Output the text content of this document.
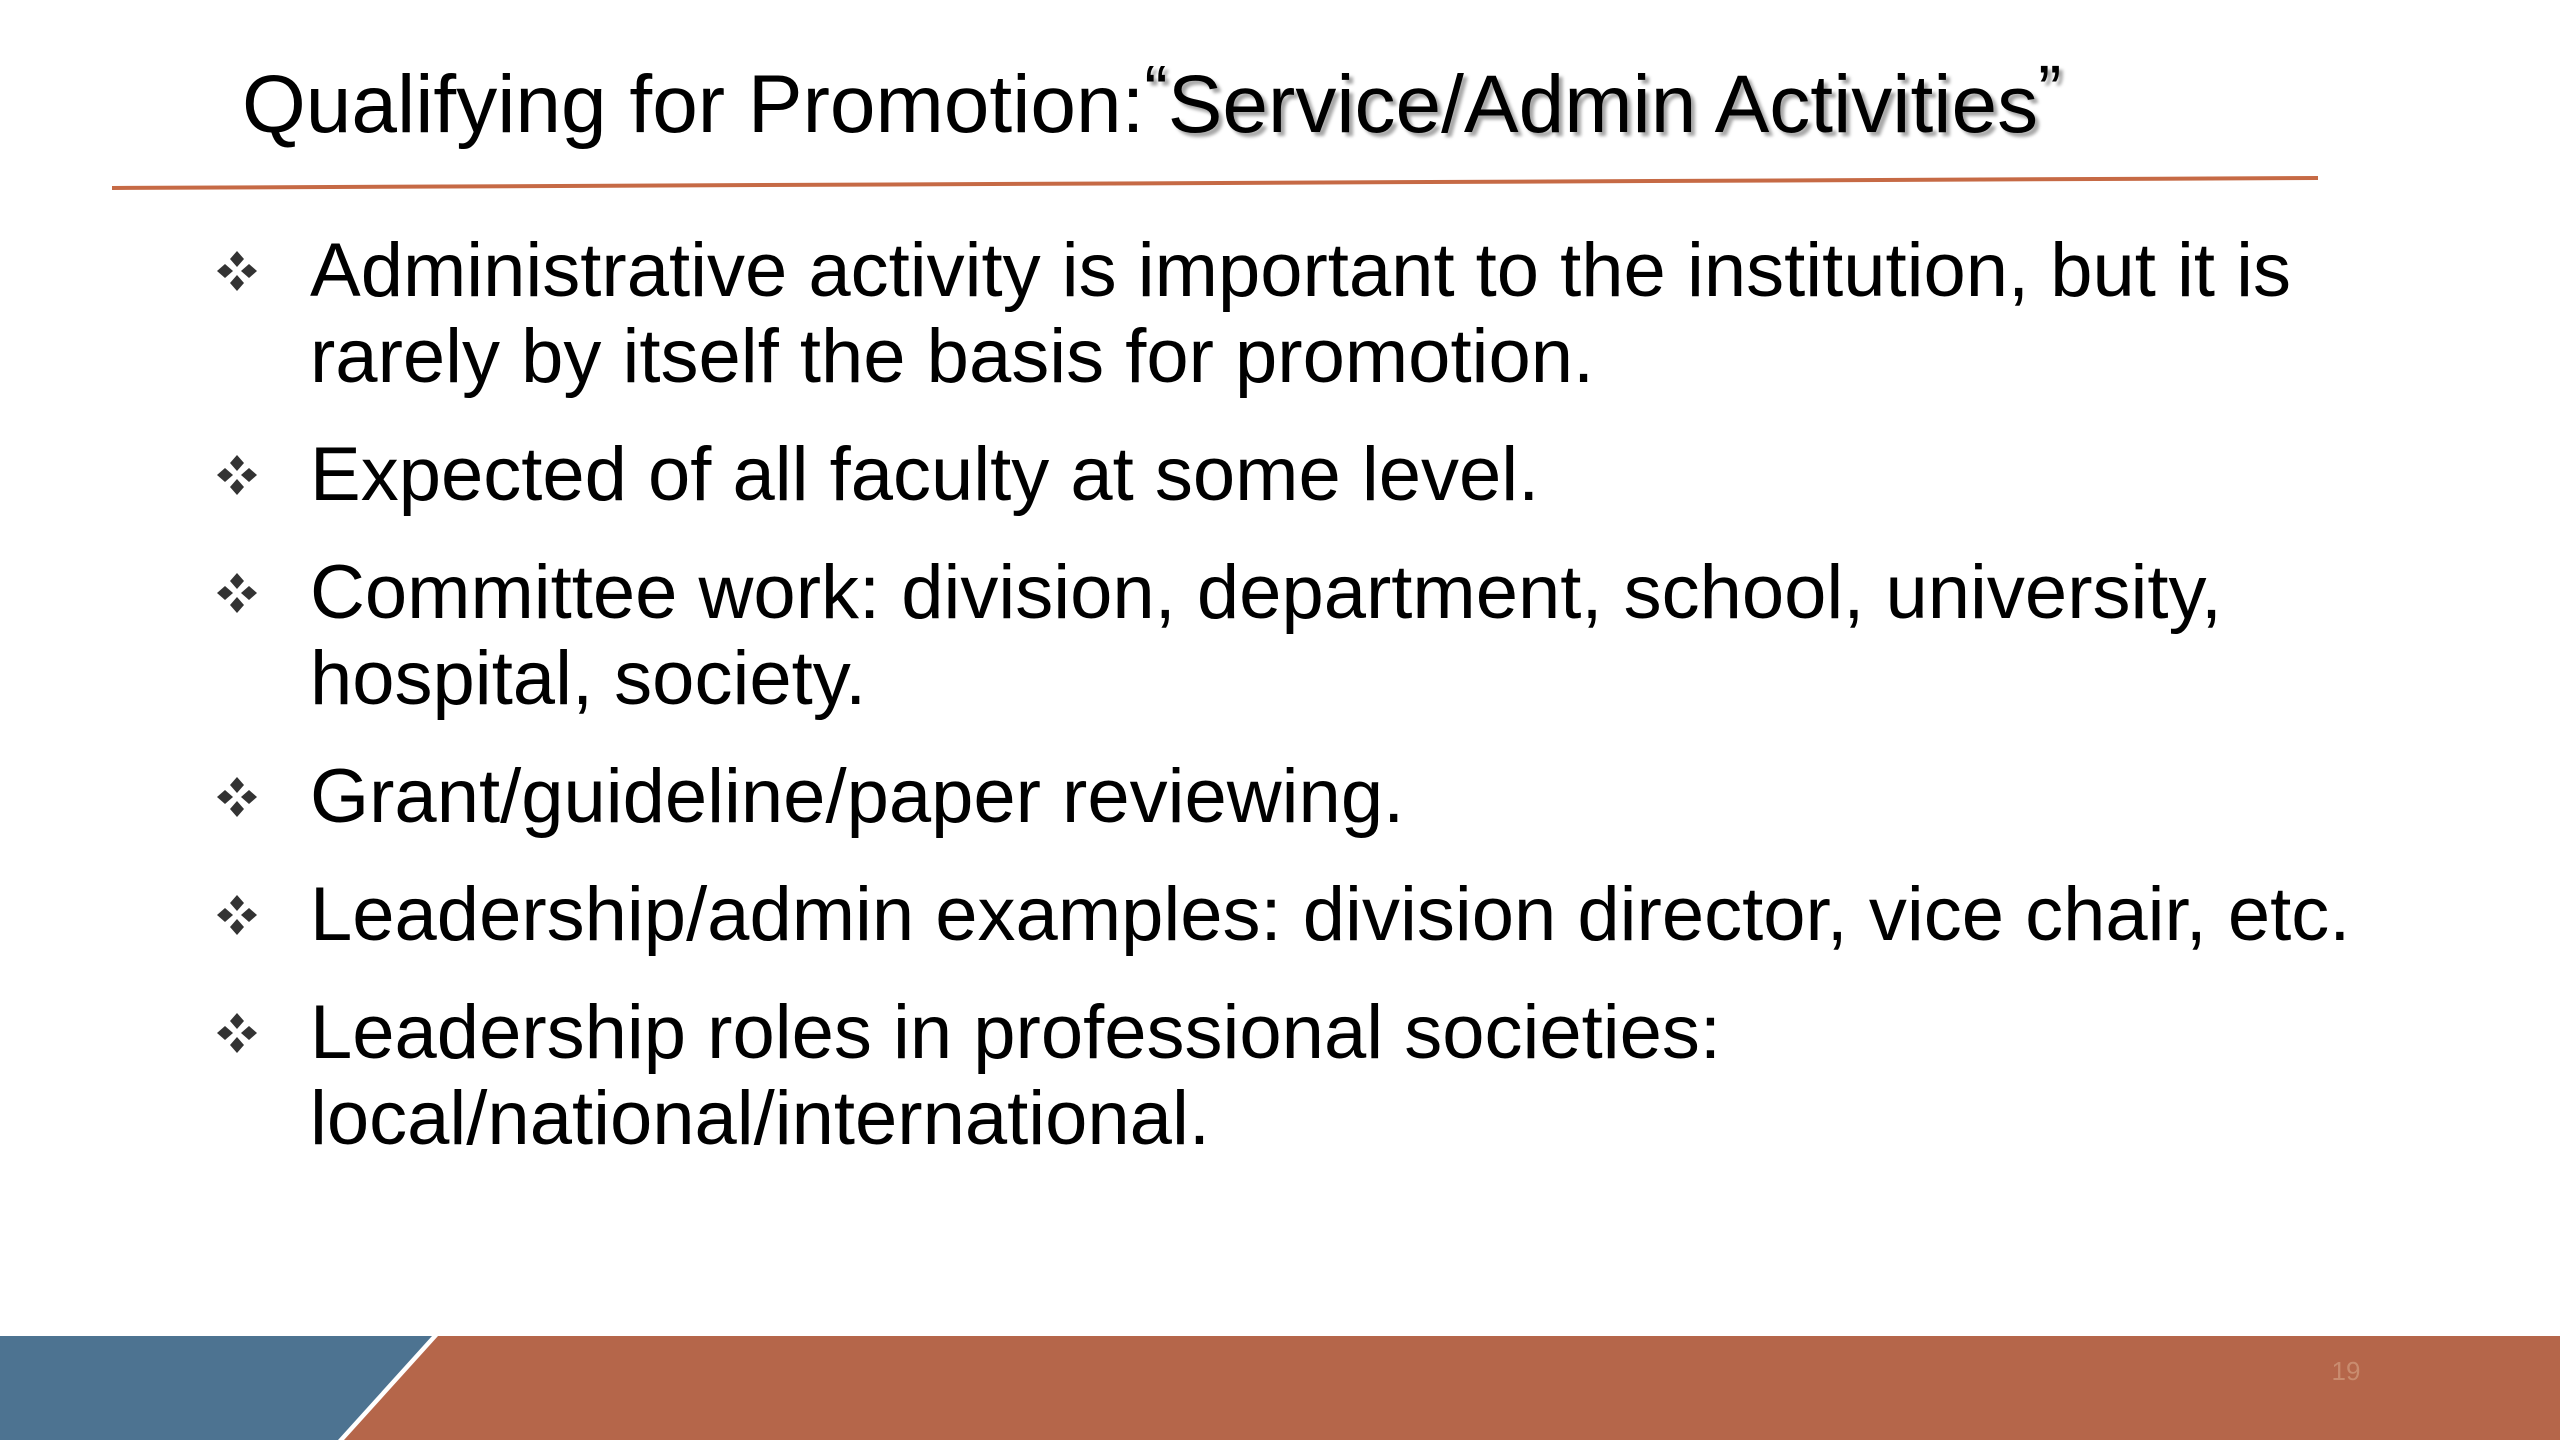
Qualifying for Promotion:“Service/Admin Activities”
Administrative activity is important to the institution, but it is rarely by itself the basis for promotion.
Expected of all faculty at some level.
Committee work: division, department, school, university, hospital, society.
Grant/guideline/paper reviewing.
Leadership/admin examples: division director, vice chair, etc.
Leadership roles in professional societies: local/national/international.
19
